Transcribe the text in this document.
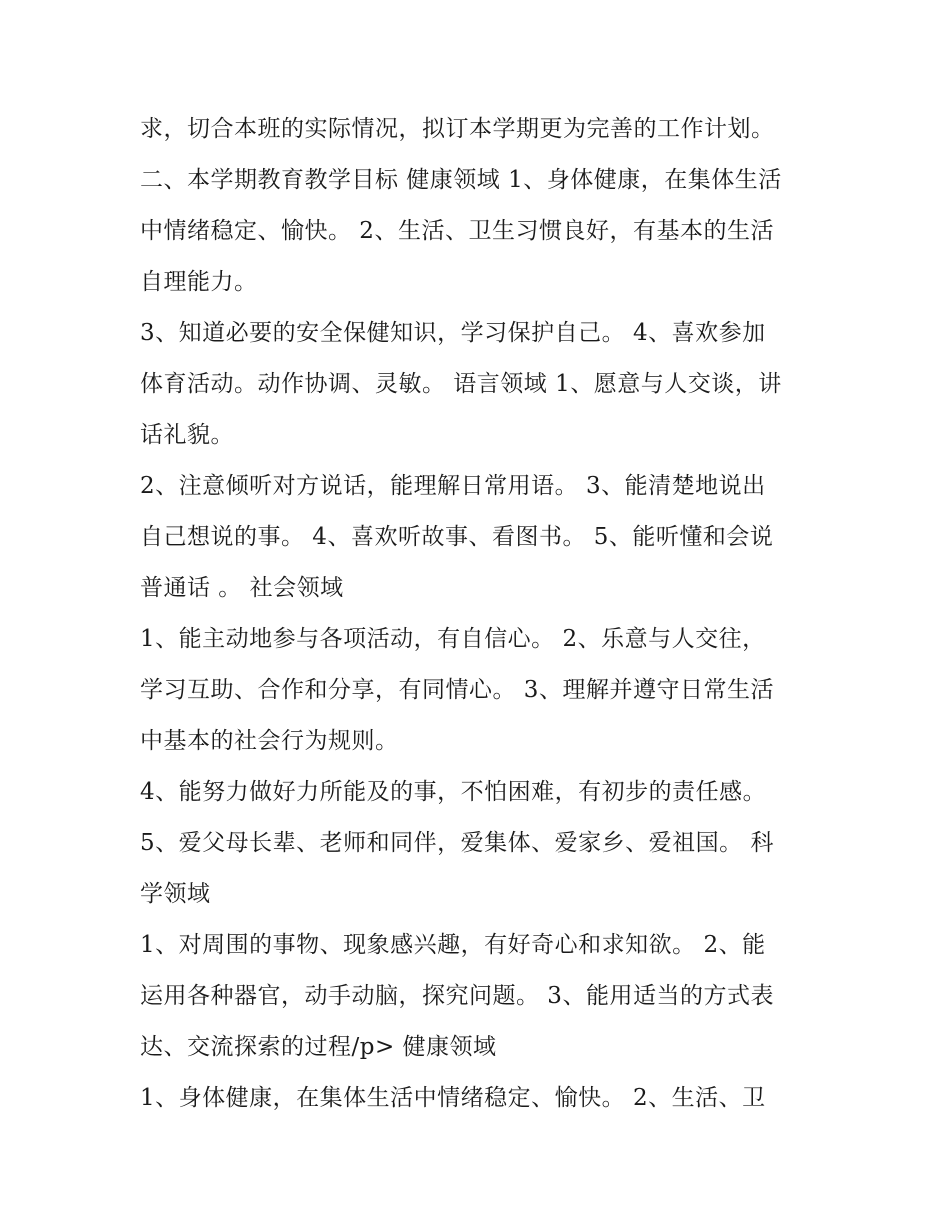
求，切合本班的实际情况，拟订本学期更为完善的工作计划。
二、本学期教育教学目标 健康领域 1、身体健康，在集体生活
中情绪稳定、愉快。 2、生活、卫生习惯良好，有基本的生活
自理能力。
3、知道必要的安全保健知识，学习保护自己。 4、喜欢参加
体育活动。动作协调、灵敏。 语言领域 1、愿意与人交谈，讲
话礼貌。
2、注意倾听对方说话，能理解日常用语。 3、能清楚地说出
自己想说的事。 4、喜欢听故事、看图书。 5、能听懂和会说
普通话 。 社会领域
1、能主动地参与各项活动，有自信心。 2、乐意与人交往，
学习互助、合作和分享，有同情心。 3、理解并遵守日常生活
中基本的社会行为规则。
4、能努力做好力所能及的事，不怕困难，有初步的责任感。
5、爱父母长辈、老师和同伴，爱集体、爱家乡、爱祖国。 科
学领域
1、对周围的事物、现象感兴趣，有好奇心和求知欲。 2、能
运用各种器官，动手动脑，探究问题。 3、能用适当的方式表
达、交流探索的过程/p> 健康领域
1、身体健康，在集体生活中情绪稳定、愉快。 2、生活、卫
